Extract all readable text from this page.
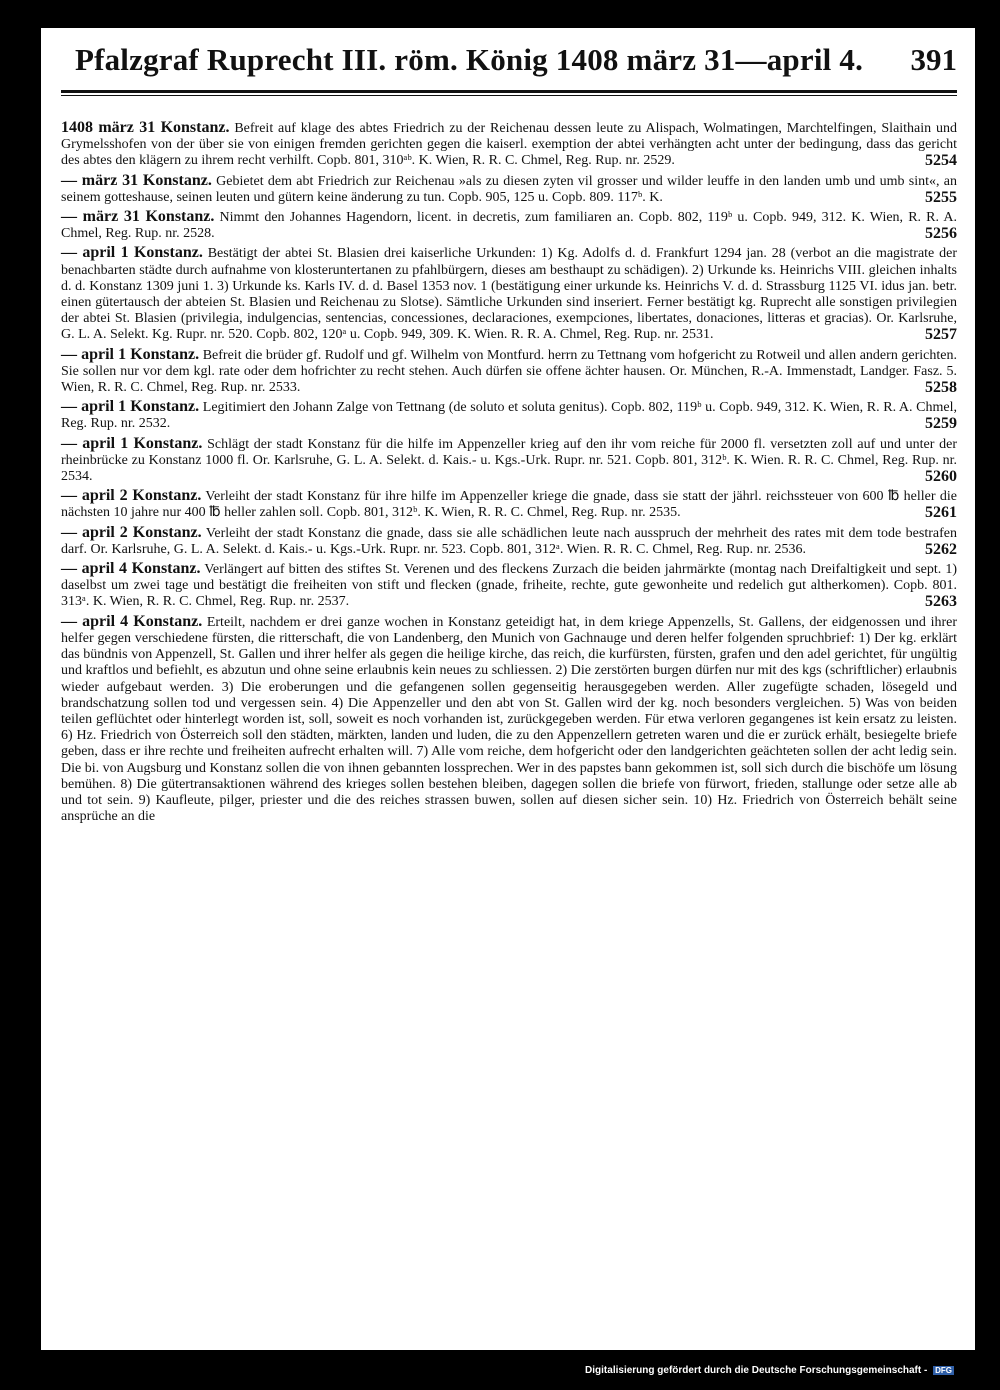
Pfalzgraf Ruprecht III. röm. König 1408 märz 31—april 4.	391
1408 märz 31 Konstanz. Befreit auf klage des abtes Friedrich zu der Reichenau dessen leute zu Alispach, Wolmatingen, Marchtelfingen, Slaithain und Grymelsshofen von der über sie von einigen fremden gerichten gegen die kaiserl. exemption der abtei verhängten acht unter der bedingung, dass das gericht des abtes den klägern zu ihrem recht verhilft. Copb. 801, 310ᵃᵇ. K. Wien, R. R. C. Chmel, Reg. Rup. nr. 2529.	5254
— märz 31 Konstanz. Gebietet dem abt Friedrich zur Reichenau »als zu diesen zyten vil grosser und wilder leuffe in den landen umb und umb sint«, an seinem gotteshause, seinen leuten und gütern keine änderung zu tun. Copb. 905, 125 u. Copb. 809. 117ᵇ. K.	5255
— märz 31 Konstanz. Nimmt den Johannes Hagendorn, licent. in decretis, zum familiaren an. Copb. 802, 119ᵇ u. Copb. 949, 312. K. Wien, R. R. A. Chmel, Reg. Rup. nr. 2528.	5256
— april 1 Konstanz. Bestätigt der abtei St. Blasien drei kaiserliche Urkunden: 1) Kg. Adolfs d. d. Frankfurt 1294 jan. 28 (verbot an die magistrate der benachbarten städte durch aufnahme von klosteruntertanen zu pfahlbürgern, dieses am besthaupt zu schädigen). 2) Urkunde ks. Heinrichs VIII. gleichen inhalts d. d. Konstanz 1309 juni 1. 3) Urkunde ks. Karls IV. d. d. Basel 1353 nov. 1 (bestätigung einer urkunde ks. Heinrichs V. d. d. Strassburg 1125 VI. idus jan. betr. einen gütertausch der abteien St. Blasien und Reichenau zu Slotse). Sämtliche Urkunden sind inseriert. Ferner bestätigt kg. Ruprecht alle sonstigen privilegien der abtei St. Blasien (privilegia, indulgencias, sentencias, concessiones, declaraciones, exempciones, libertates, donaciones, litteras et gracias). Or. Karlsruhe, G. L. A. Selekt. Kg. Rupr. nr. 520. Copb. 802, 120ᵃ u. Copb. 949, 309. K. Wien. R. R. A. Chmel, Reg. Rup. nr. 2531.	5257
— april 1 Konstanz. Befreit die brüder gf. Rudolf und gf. Wilhelm von Montfurd. herrn zu Tettnang vom hofgericht zu Rotweil und allen andern gerichten. Sie sollen nur vor dem kgl. rate oder dem hofrichter zu recht stehen. Auch dürfen sie offene ächter hausen. Or. München, R.-A. Immenstadt, Landger. Fasz. 5. Wien, R. R. C. Chmel, Reg. Rup. nr. 2533.	5258
— april 1 Konstanz. Legitimiert den Johann Zalge von Tettnang (de soluto et soluta genitus). Copb. 802, 119ᵇ u. Copb. 949, 312. K. Wien, R. R. A. Chmel, Reg. Rup. nr. 2532.	5259
— april 1 Konstanz. Schlägt der stadt Konstanz für die hilfe im Appenzeller krieg auf den ihr vom reiche für 2000 fl. versetzten zoll auf und unter der rheinbrücke zu Konstanz 1000 fl. Or. Karlsruhe, G. L. A. Selekt. d. Kais.- u. Kgs.-Urk. Rupr. nr. 521. Copb. 801, 312ᵇ. K. Wien. R. R. C. Chmel, Reg. Rup. nr. 2534.	5260
— april 2 Konstanz. Verleiht der stadt Konstanz für ihre hilfe im Appenzeller kriege die gnade, dass sie statt der jährl. reichssteuer von 600 ℔ heller die nächsten 10 jahre nur 400 ℔ heller zahlen soll. Copb. 801, 312ᵇ. K. Wien, R. R. C. Chmel, Reg. Rup. nr. 2535.	5261
— april 2 Konstanz. Verleiht der stadt Konstanz die gnade, dass sie alle schädlichen leute nach ausspruch der mehrheit des rates mit dem tode bestrafen darf. Or. Karlsruhe, G. L. A. Selekt. d. Kais.- u. Kgs.-Urk. Rupr. nr. 523. Copb. 801, 312ᵃ. Wien. R. R. C. Chmel, Reg. Rup. nr. 2536.	5262
— april 4 Konstanz. Verlängert auf bitten des stiftes St. Verenen und des fleckens Zurzach die beiden jahrmärkte (montag nach Dreifaltigkeit und sept. 1) daselbst um zwei tage und bestätigt die freiheiten von stift und flecken (gnade, friheite, rechte, gute gewonheite und redelich gut altherkomen). Copb. 801. 313ᵃ. K. Wien, R. R. C. Chmel, Reg. Rup. nr. 2537.	5263
— april 4 Konstanz. Erteilt, nachdem er drei ganze wochen in Konstanz geteidigt hat, in dem kriege Appenzells, St. Gallens, der eidgenossen und ihrer helfer gegen verschiedene fürsten, die ritterschaft, die von Landenberg, den Munich von Gachnauge und deren helfer folgenden spruchbrief: 1) Der kg. erklärt das bündnis von Appenzell, St. Gallen und ihrer helfer als gegen die heilige kirche, das reich, die kurfürsten, fürsten, grafen und den adel gerichtet, für ungültig und kraftlos und befiehlt, es abzutun und ohne seine erlaubnis kein neues zu schliessen. 2) Die zerstörten burgen dürfen nur mit des kgs (schriftlicher) erlaubnis wieder aufgebaut werden. 3) Die eroberungen und die gefangenen sollen gegenseitig herausgegeben werden. Aller zugefügte schaden, lösegeld und brandschatzung sollen tod und vergessen sein. 4) Die Appenzeller und den abt von St. Gallen wird der kg. noch besonders vergleichen. 5) Was von beiden teilen geflüchtet oder hinterlegt worden ist, soll, soweit es noch vorhanden ist, zurückgegeben werden. Für etwa verloren gegangenes ist kein ersatz zu leisten. 6) Hz. Friedrich von Österreich soll den städten, märkten, landen und luden, die zu den Appenzellern getreten waren und die er zurück erhält, besiegelte briefe geben, dass er ihre rechte und freiheiten aufrecht erhalten will. 7) Alle vom reiche, dem hofgericht oder den landgerichten geächteten sollen der acht ledig sein. Die bi. von Augsburg und Konstanz sollen die von ihnen gebannten lossprechen. Wer in des papstes bann gekommen ist, soll sich durch die bischöfe um lösung bemühen. 8) Die gütertransaktionen während des krieges sollen bestehen bleiben, dagegen sollen die briefe von fürwort, frieden, stallunge oder setze alle ab und tot sein. 9) Kaufleute, pilger, priester und die des reiches strassen buwen, sollen auf diesen sicher sein. 10) Hz. Friedrich von Österreich behält seine ansprüche an die
Digitalisierung gefördert durch die Deutsche Forschungsgemeinschaft - DFG
